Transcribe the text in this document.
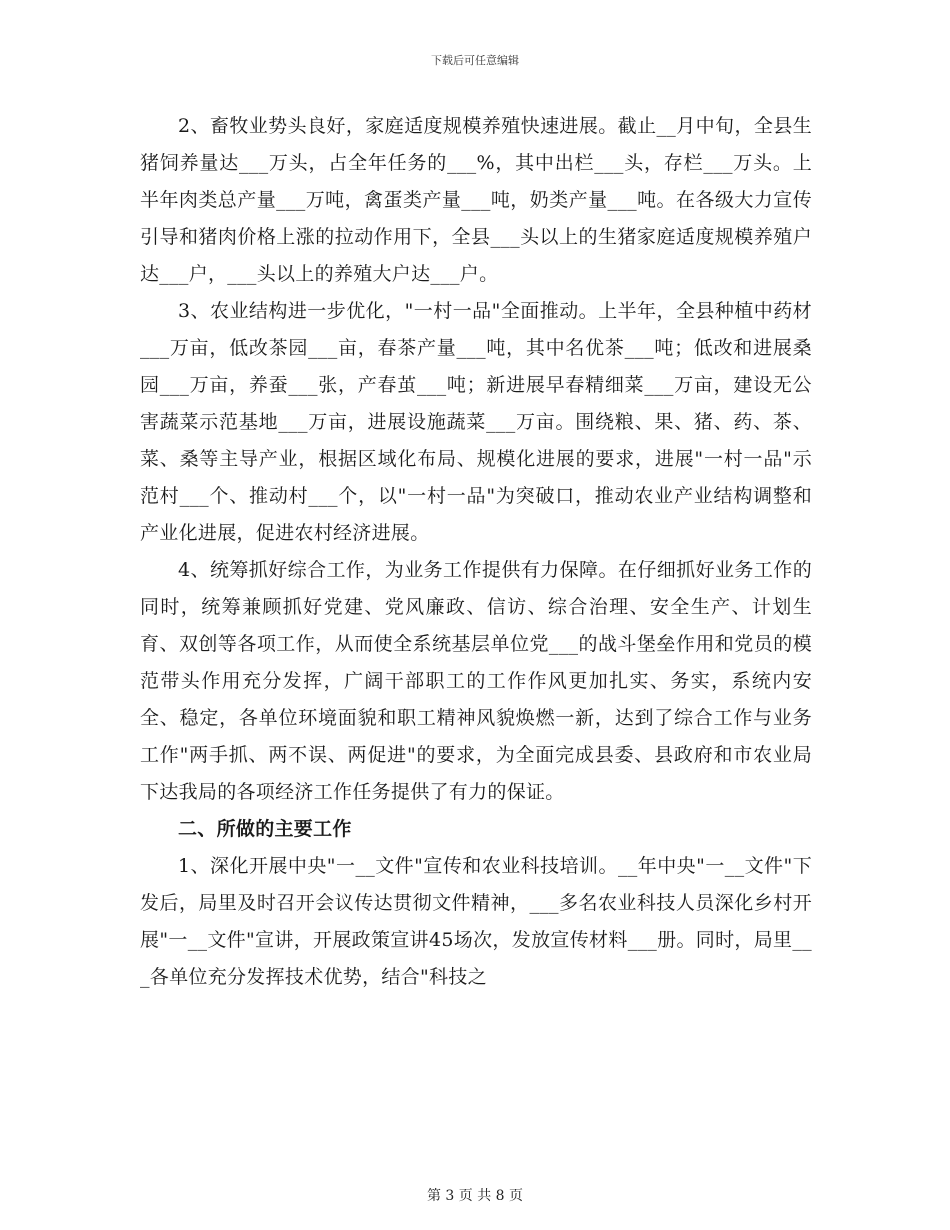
下载后可任意编辑

2、畜牧业势头良好，家庭适度规模养殖快速进展。截止__月中旬，全县生猪饲养量达___万头，占全年任务的___%，其中出栏___头，存栏___万头。上半年肉类总产量___万吨，禽蛋类产量___吨，奶类产量___吨。在各级大力宣传引导和猪肉价格上涨的拉动作用下，全县___头以上的生猪家庭适度规模养殖户达___户，___头以上的养殖大户达___户。

3、农业结构进一步优化，"一村一品"全面推动。上半年，全县种植中药材___万亩，低改茶园___亩，春茶产量___吨，其中名优茶___吨；低改和进展桑园___万亩，养蚕___张，产春茧___吨；新进展早春精细菜___万亩，建设无公害蔬菜示范基地___万亩，进展设施蔬菜___万亩。围绕粮、果、猪、药、茶、菜、桑等主导产业，根据区域化布局、规模化进展的要求，进展"一村一品"示范村___个、推动村___个，以"一村一品"为突破口，推动农业产业结构调整和产业化进展，促进农村经济进展。

4、统筹抓好综合工作，为业务工作提供有力保障。在仔细抓好业务工作的同时，统筹兼顾抓好党建、党风廉政、信访、综合治理、安全生产、计划生育、双创等各项工作，从而使全系统基层单位党___的战斗堡垒作用和党员的模范带头作用充分发挥，广阔干部职工的工作作风更加扎实、务实，系统内安全、稳定，各单位环境面貌和职工精神风貌焕燃一新，达到了综合工作与业务工作"两手抓、两不误、两促进"的要求，为全面完成县委、县政府和市农业局下达我局的各项经济工作任务提供了有力的保证。

二、所做的主要工作

1、深化开展中央"一__文件"宣传和农业科技培训。__年中央"一__文件"下发后，局里及时召开会议传达贯彻文件精神，___多名农业科技人员深化乡村开展"一__文件"宣讲，开展政策宣讲45场次，发放宣传材料___册。同时，局里___各单位充分发挥技术优势，结合"科技之

第 3 页 共 8 页
